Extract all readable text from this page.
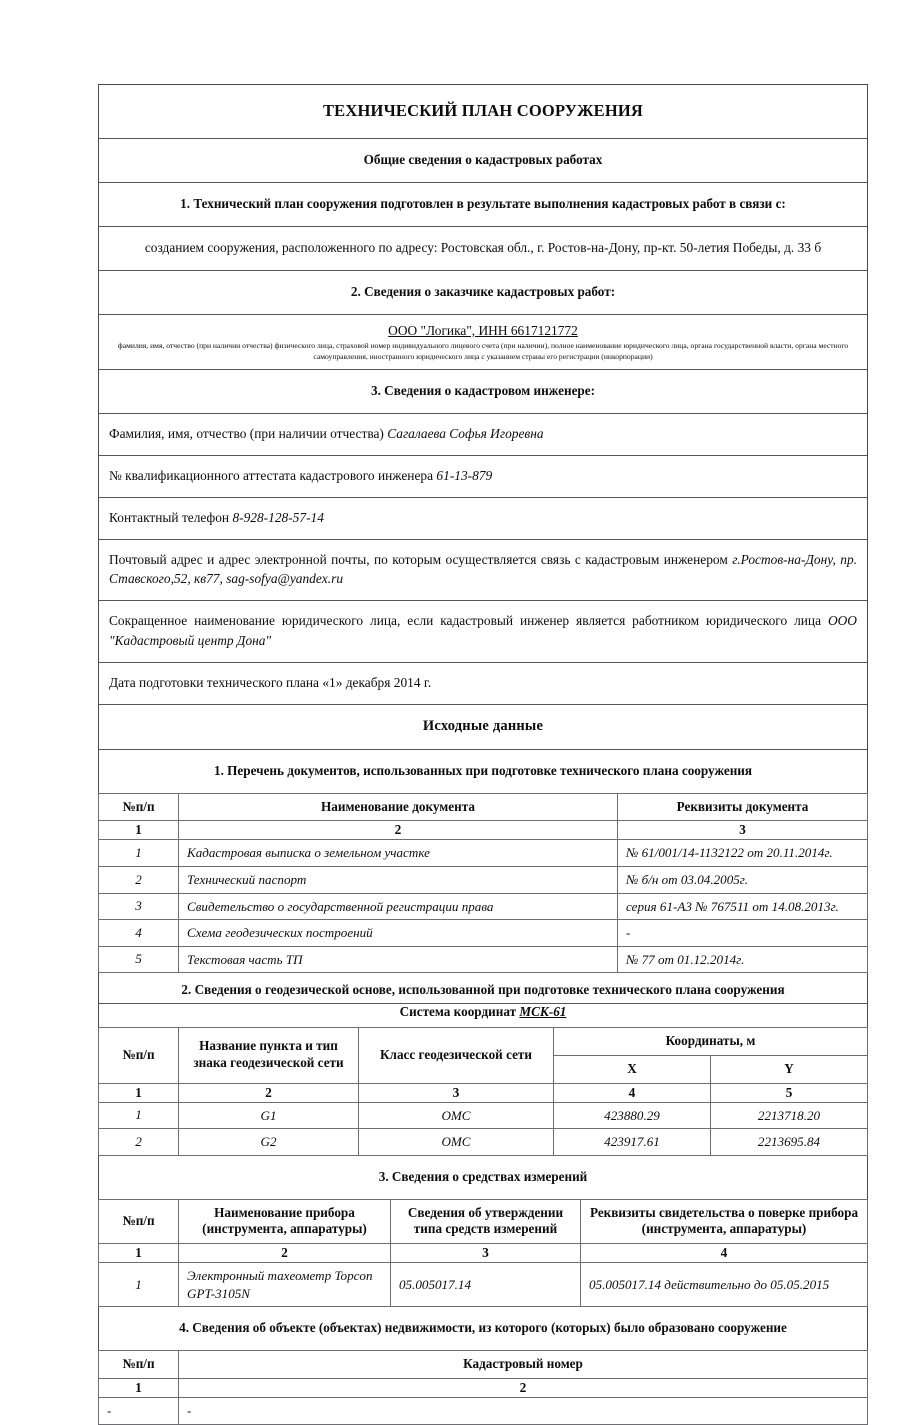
ТЕХНИЧЕСКИЙ ПЛАН СООРУЖЕНИЯ
Общие сведения о кадастровых работах
1. Технический план сооружения подготовлен в результате выполнения кадастровых работ в связи с:
созданием сооружения, расположенного по адресу: Ростовская обл., г. Ростов-на-Дону, пр-кт. 50-летия Победы, д. 33 б
2. Сведения о заказчике кадастровых работ:
ООО "Логика", ИНН 6617121772
фамилия, имя, отчество (при наличии отчества) физического лица, страховой номер индивидуального лицевого счета (при наличии), полное наименование юридического лица, органа государственной власти, органа местного самоуправления, иностранного юридического лица с указанием страны его регистрации (инкорпорации)
3. Сведения о кадастровом инженере:
Фамилия, имя, отчество (при наличии отчества) Сагалаева Софья Игоревна
№ квалификационного аттестата кадастрового инженера 61-13-879
Контактный телефон 8-928-128-57-14
Почтовый адрес и адрес электронной почты, по которым осуществляется связь с кадастровым инженером г.Ростов-на-Дону, пр. Ставского,52, кв77, sag-sofya@yandex.ru
Сокращенное наименование юридического лица, если кадастровый инженер является работником юридического лица ООО "Кадастровый центр Дона"
Дата подготовки технического плана «1» декабря 2014 г.
Исходные данные
1. Перечень документов, использованных при подготовке технического плана сооружения
№п/п	Наименование документа	Реквизиты документа
1	2	3
1	Кадастровая выписка о земельном участке	№ 61/001/14-1132122 от 20.11.2014г.
2	Технический паспорт	№ б/н от 03.04.2005г.
3	Свидетельство о государственной регистрации права	серия 61-А3 № 767511 от 14.08.2013г.
4	Схема геодезических построений	-
5	Текстовая часть ТП	№ 77 от 01.12.2014г.
2. Сведения о геодезической основе, использованной при подготовке технического плана сооружения
Система координат МСК-61
№п/п	Название пункта и тип знака геодезической сети	Класс геодезической сети	Координаты, м	
			X	Y
1	2	3	4	5
1	G1	ОМС	423880.29	2213718.20
2	G2	ОМС	423917.61	2213695.84
3. Сведения о средствах измерений
№п/п	Наименование прибора (инструмента, аппаратуры)	Сведения об утверждении типа средств измерений	Реквизиты свидетельства о поверке прибора (инструмента, аппаратуры)
1	2	3	4
1	Электронный тахеометр Topcon GPT-3105N	05.005017.14	05.005017.14 действительно до 05.05.2015
4. Сведения об объекте (объектах) недвижимости, из которого (которых) было образовано сооружение
№п/п	Кадастровый номер
1	2
-	-
